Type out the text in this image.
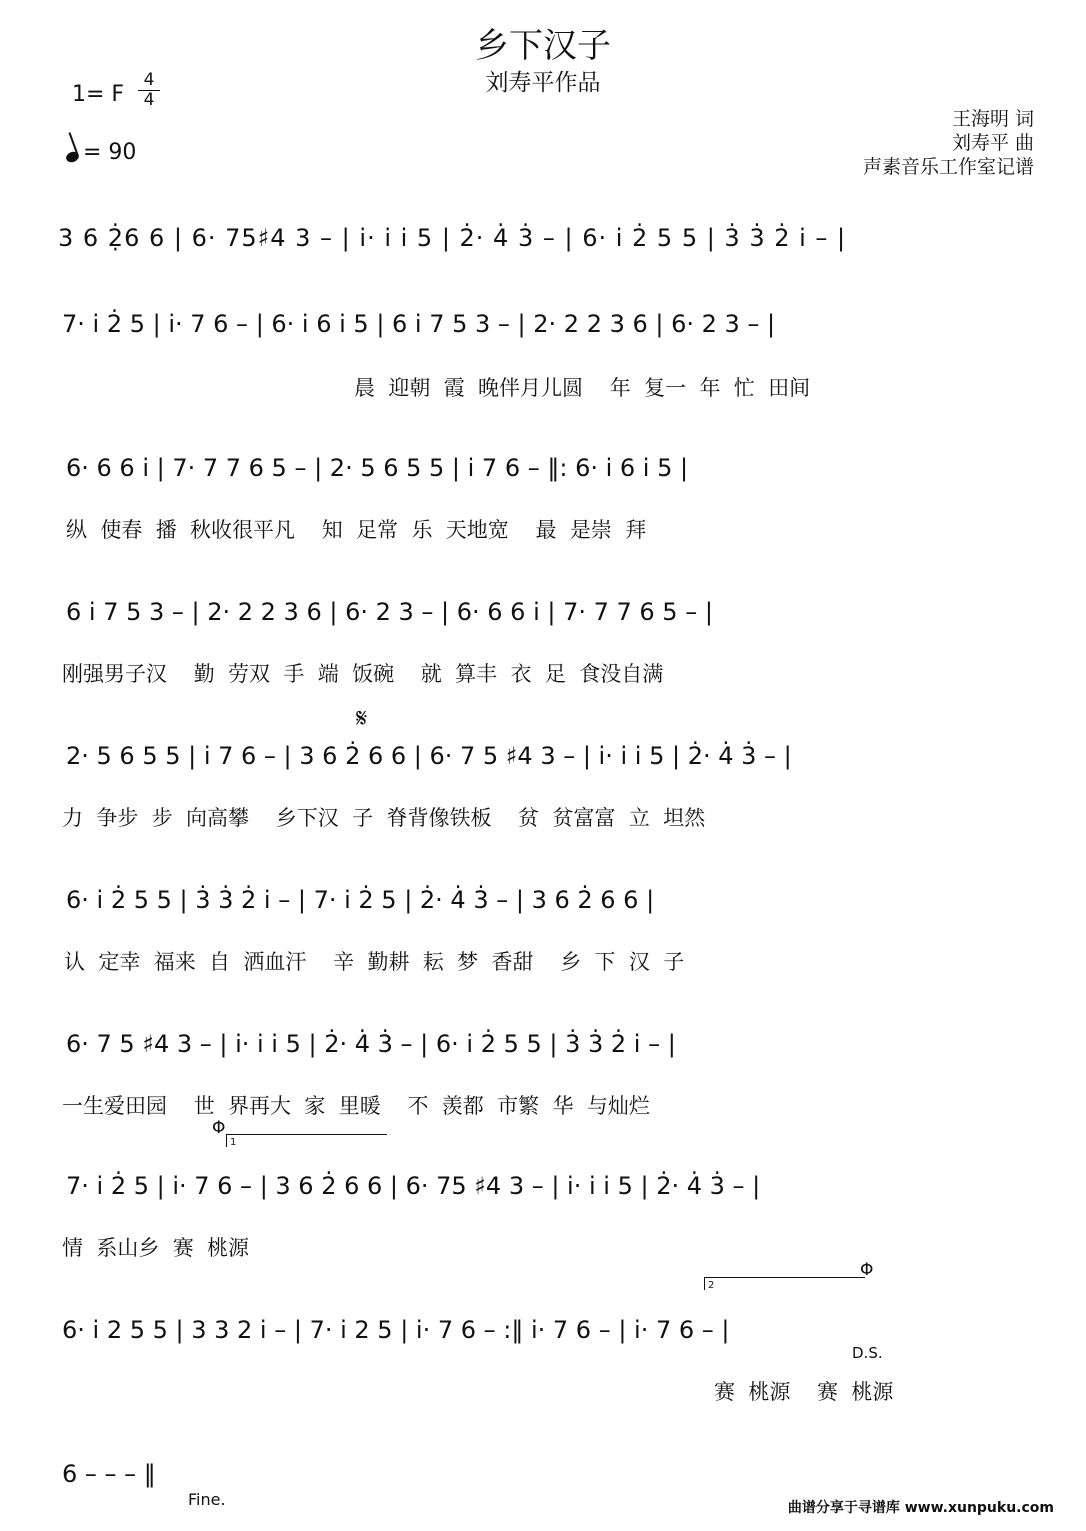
乡下汉子
刘寿平作品
1= F
4
4
= 90
王海明 词
刘寿平 曲
声素音乐工作室记谱
3 6 2̣̇6 6 | 6· 75♯4 3 – | i· i i 5 | 2̇· 4̇ 3̇ – | 6· i 2̇ 5 5 | 3̇ 3̇ 2̇ i – |
7· i 2̇ 5 | i· 7 6 – | 6· i 6 i 5 | 6 i 7 5 3 – | 2· 2 2 3 6 | 6· 2 3 – |
晨  迎朝  霞  晚伴月儿圆    年  复一  年  忙  田间
6· 6 6 i | 7· 7 7 6 5 – | 2· 5 6 5 5 | i 7 6 – ‖: 6· i 6 i 5 |
纵  使春  播  秋收很平凡    知  足常  乐  天地宽    最  是崇  拜
6 i 7 5 3 – | 2· 2 2 3 6 | 6· 2 3 – | 6· 6 6 i | 7· 7 7 6 5 – |
刚强男子汉    勤  劳双  手  端  饭碗    就  算丰  衣  足  食没自满
𝄋
2· 5 6 5 5 | i 7 6 – | 3 6 2̇ 6 6 | 6· 7 5 ♯4 3 – | i· i i 5 | 2̇· 4̇ 3̇ – |
力  争步  步  向高攀    乡下汉  子  脊背像铁板    贫  贫富富  立  坦然
6· i 2̇ 5 5 | 3̇ 3̇ 2̇ i – | 7· i 2̇ 5 | 2̇· 4̇ 3̇ – | 3 6 2̇ 6 6 |
认  定幸  福来  自  洒血汗    辛  勤耕  耘  梦  香甜    乡  下  汉  子
6· 7 5 ♯4 3 – | i· i i 5 | 2̇· 4̇ 3̇ – | 6· i 2̇ 5 5 | 3̇ 3̇ 2̇ i – |
一生爱田园    世  界再大  家  里暖    不  羡都  市繁  华  与灿烂
Φ
1
7· i 2̇ 5 | i· 7 6 – | 3 6 2̇ 6 6 | 6· 75 ♯4 3 – | i· i i 5 | 2̇· 4̇ 3̇ – |
情  系山乡  赛  桃源
2
Φ
6· i 2 5 5 | 3 3 2 i – | 7· i 2 5 | i· 7 6 – :‖ i· 7 6 – | i· 7 6 – |
D.S.
赛  桃源    赛  桃源
6 – – – ‖
Fine.	曲谱分享于寻谱库 www.xunpuku.com
